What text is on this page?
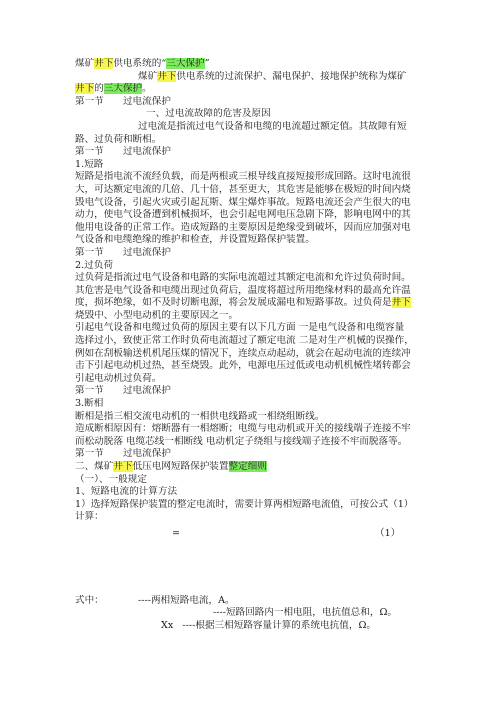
煤矿井下供电系统的“三大保护”
煤矿井下供电系统的过流保护、漏电保护、接地保护统称为煤矿
井下的三大保护。
第一节　　过电流保护
一、过电流故障的危害及原因
过电流是指流过电气设备和电缆的电流超过额定值。其故障有短
路、过负荷和断相。
第一节　　过电流保护
1.短路
短路是指电流不流经负载，而是两根或三根导线直接短接形成回路。这时电流很
大，可达额定电流的几倍、几十倍，甚至更大，其危害是能够在极短的时间内烧
毁电气设备，引起火灾或引起瓦斯、煤尘爆炸事故。短路电流还会产生很大的电
动力，使电气设备遭到机械损坏，也会引起电网电压急剧下降，影响电网中的其
他用电设备的正常工作。造成短路的主要原因是绝缘受到破坏，因而应加强对电
气设备和电缆绝缘的维护和检查，并设置短路保护装置。
第一节　　过电流保护
2.过负荷
过负荷是指流过电气设备和电路的实际电流超过其额定电流和允许过负荷时间。
其危害是电气设备和电缆出现过负荷后，温度将超过所用绝缘材料的最高允许温
度，损坏绝缘，如不及时切断电源，将会发展成漏电和短路事故。过负荷是井下
烧毁中、小型电动机的主要原因之一。
引起电气设备和电缆过负荷的原因主要有以下几方面 一是电气设备和电缆容量
选择过小，致使正常工作时负荷电流超过了额定电流 二是对生产机械的误操作，
例如在刮板输送机机尾压煤的情况下，连续点动起动，就会在起动电流的连续冲
击下引起电动机过热，甚至烧毁。此外，电源电压过低或电动机机械性堵转都会
引起电动机过负荷。
第一节　　过电流保护
3.断相
断相是指三相交流电动机的一相供电线路或一相绕组断线。
造成断相原因有：熔断器有一相熔断；电缆与电动机或开关的接线端子连接不牢
而松动脱落 电缆芯线一相断线 电动机定子绕组与接线端子连接不牢而脱落等。
第一节　　过电流保护
二、煤矿井下低压电网短路保护装置整定细则
（一）、一般规定
1、短路电流的计算方法
1）选择短路保护装置的整定电流时，需要计算两相短路电流值，可按公式（1）
计算：
=	（1）
式中：	----两相短路电流，A。
----短路回路内一相电阻，电抗值总和，Ω。
Xx ----根据三相短路容量计算的系统电抗值，Ω。
